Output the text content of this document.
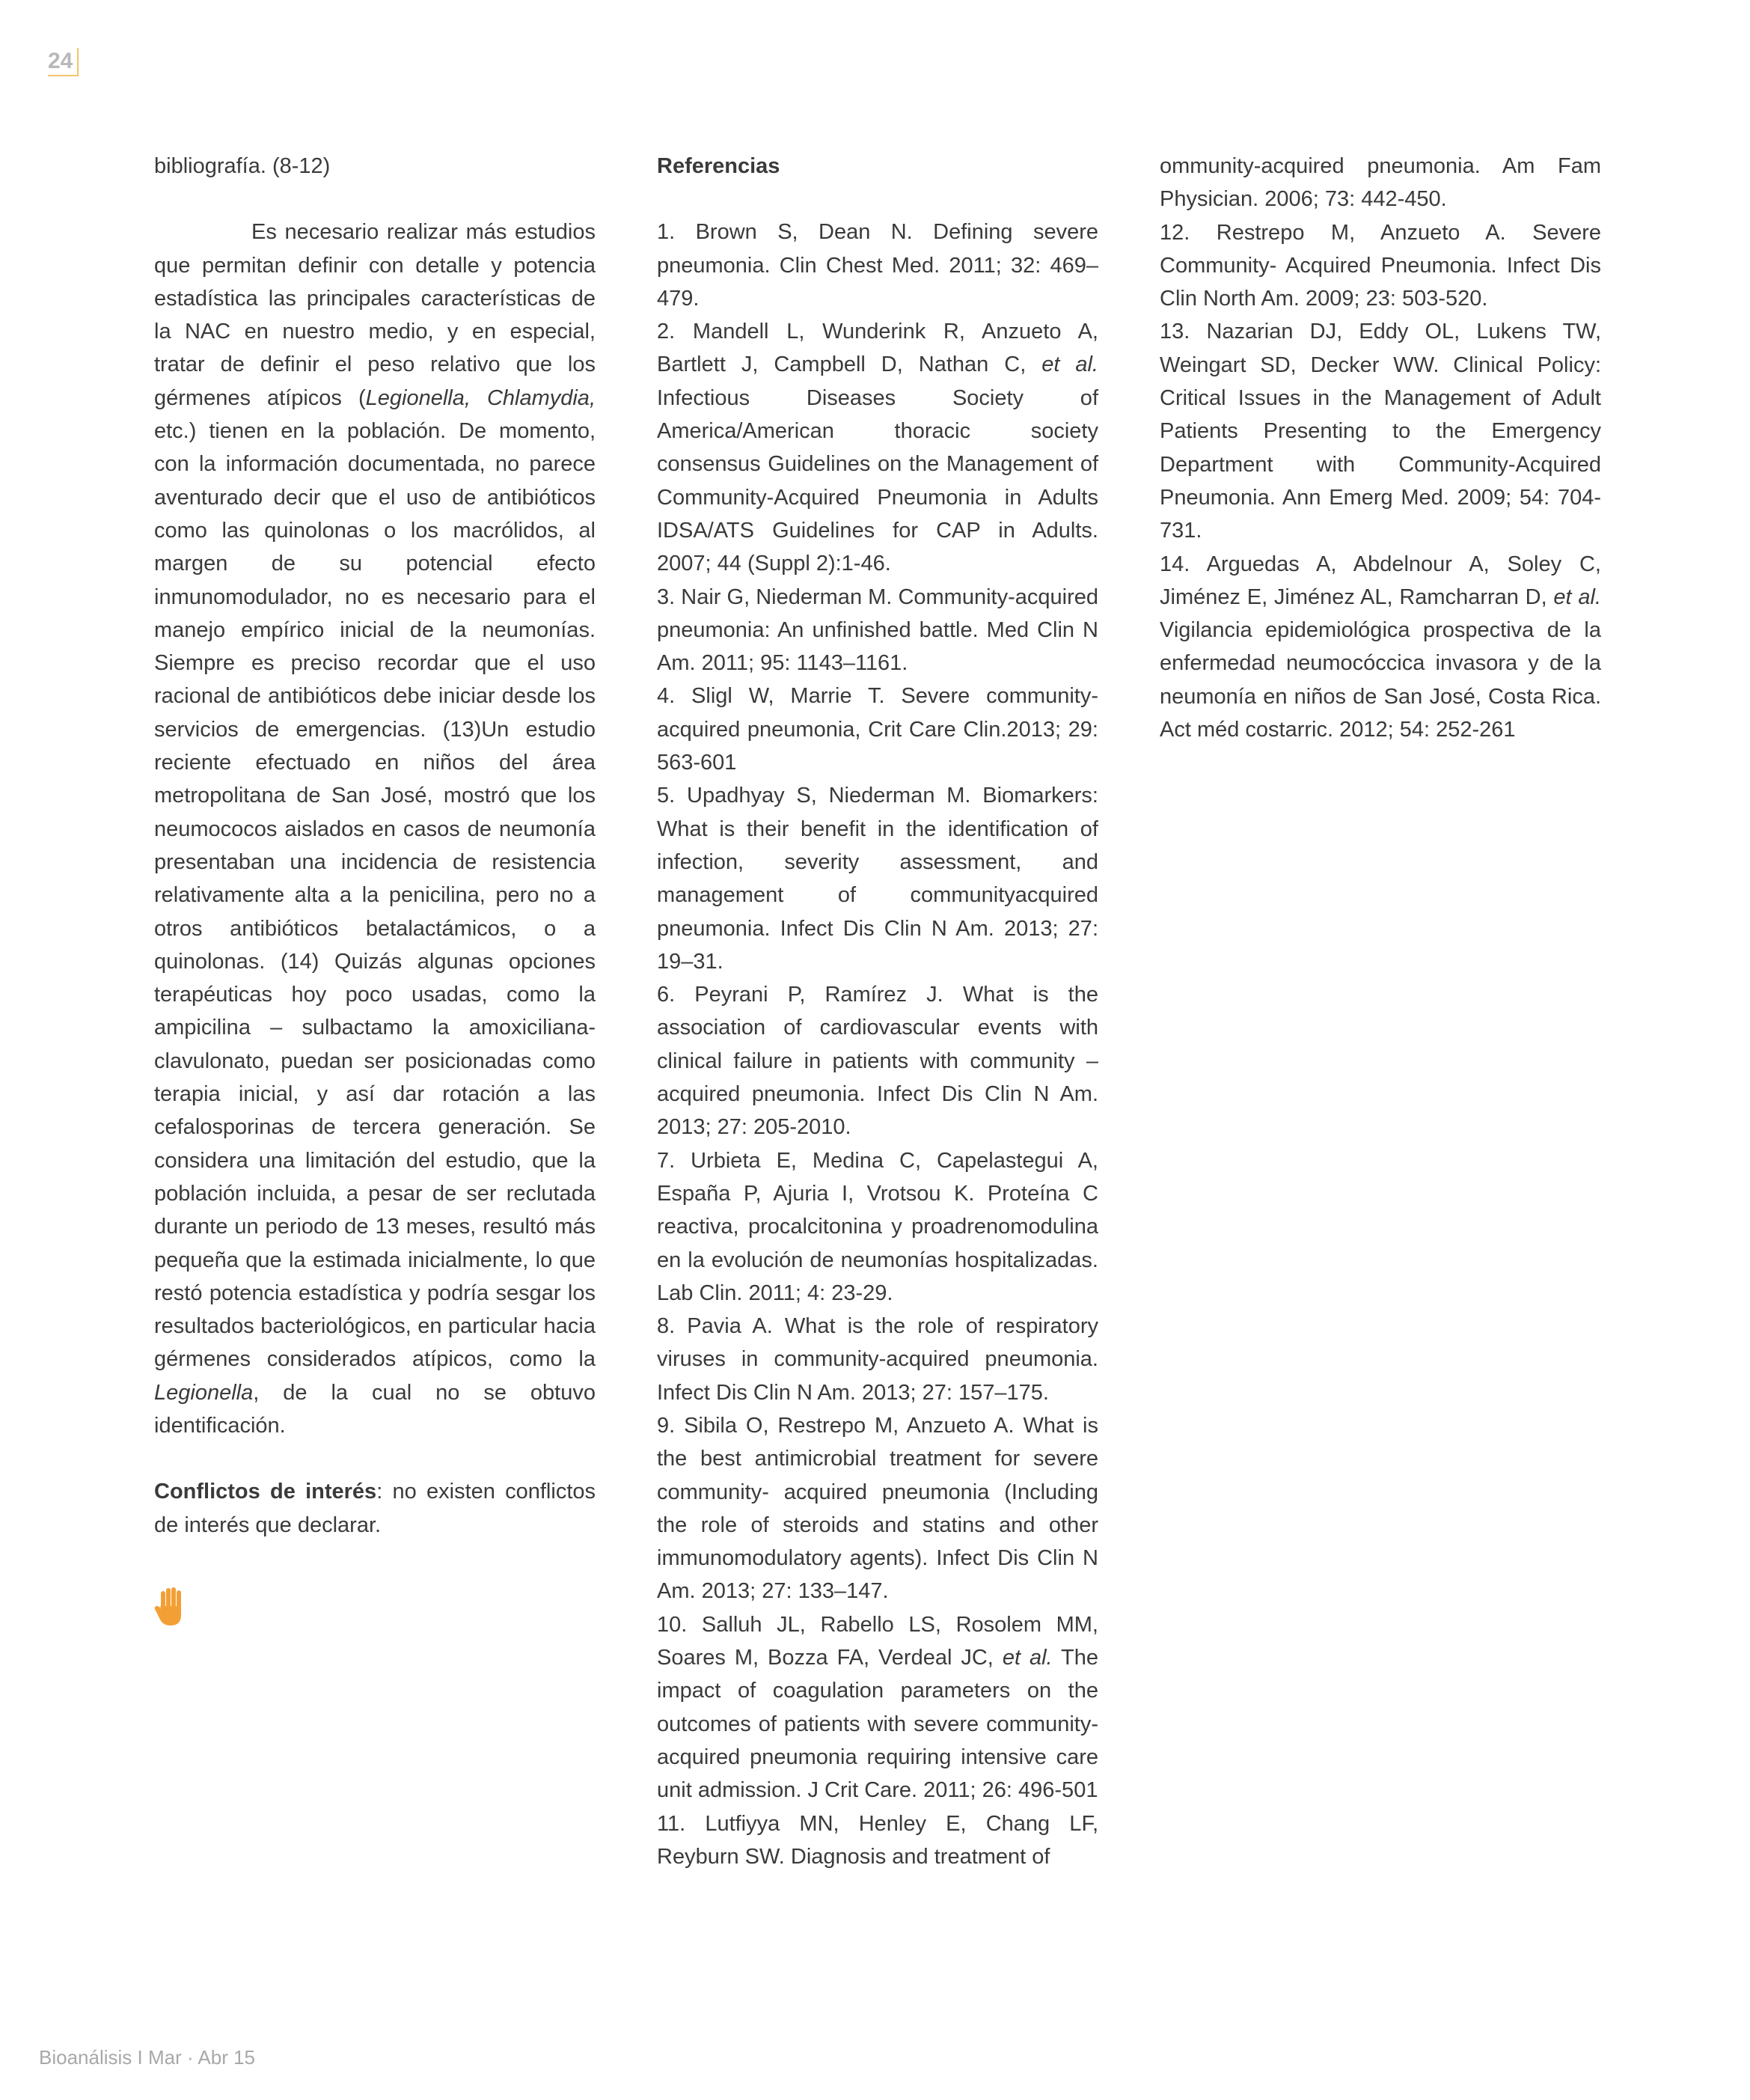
24

bibliografía. (8-12)

Es necesario realizar más estudios que permitan definir con detalle y potencia estadística las principales características de la NAC en nuestro medio, y en especial, tratar de definir el peso relativo que los gérmenes atípicos (Legionella, Chlamydia, etc.) tienen en la población. De momento, con la información documentada, no parece aventurado decir que el uso de antibióticos como las quinolonas o los macrólidos, al margen de su potencial efecto inmunomodulador, no es necesario para el manejo empírico inicial de la neumonías. Siempre es preciso recordar que el uso racional de antibióticos debe iniciar desde los servicios de emergencias. (13)Un estudio reciente efectuado en niños del área metropolitana de San José, mostró que los neumococos aislados en casos de neumonía presentaban una incidencia de resistencia relativamente alta a la penicilina, pero no a otros antibióticos betalactámicos, o a quinolonas. (14) Quizás algunas opciones terapéuticas hoy poco usadas, como la ampicilina – sulbactamo la amoxiciliana-clavulonato, puedan ser posicionadas como terapia inicial, y así dar rotación a las cefalosporinas de tercera generación. Se considera una limitación del estudio, que la población incluida, a pesar de ser reclutada durante un periodo de 13 meses, resultó más pequeña que la estimada inicialmente, lo que restó potencia estadística y podría sesgar los resultados bacteriológicos, en particular hacia gérmenes considerados atípicos, como la Legionella, de la cual no se obtuvo identificación.

Conflictos de interés: no existen conflictos de interés que declarar.

Referencias

1. Brown S, Dean N. Defining severe pneumonia. Clin Chest Med. 2011; 32: 469–479.

2. Mandell L, Wunderink R, Anzueto A, Bartlett J, Campbell D, Nathan C, et al. Infectious Diseases Society of America/American thoracic society consensus Guidelines on the Management of Community-Acquired Pneumonia in Adults IDSA/ATS Guidelines for CAP in Adults. 2007; 44 (Suppl 2):1-46.

3. Nair G, Niederman M. Community-acquired pneumonia: An unfinished battle. Med Clin N Am. 2011; 95: 1143–1161.

4. Sligl W, Marrie T. Severe community-acquired pneumonia, Crit Care Clin.2013; 29: 563-601

5. Upadhyay S, Niederman M. Biomarkers: What is their benefit in the identification of infection, severity assessment, and management of communityacquired pneumonia. Infect Dis Clin N Am. 2013; 27: 19–31.

6. Peyrani P, Ramírez J. What is the association of cardiovascular events with clinical failure in patients with community – acquired pneumonia. Infect Dis Clin N Am. 2013; 27: 205-2010.

7. Urbieta E, Medina C, Capelastegui A, España P, Ajuria I, Vrotsou K. Proteína C reactiva, procalcitonina y proadrenomodulina en la evolución de neumonías hospitalizadas. Lab Clin. 2011; 4: 23-29.

8. Pavia A. What is the role of respiratory viruses in community-acquired pneumonia. Infect Dis Clin N Am. 2013; 27: 157–175.

9. Sibila O, Restrepo M, Anzueto A. What is the best antimicrobial treatment for severe community- acquired pneumonia (Including the role of steroids and statins and other immunomodulatory agents). Infect Dis Clin N Am. 2013; 27: 133–147.

10. Salluh JL, Rabello LS, Rosolem MM, Soares M, Bozza FA, Verdeal JC, et al. The impact of coagulation parameters on the outcomes of patients with severe community-acquired pneumonia requiring intensive care unit admission. J Crit Care. 2011; 26: 496-501

11. Lutfiyya MN, Henley E, Chang LF, Reyburn SW. Diagnosis and treatment of

ommunity-acquired pneumonia. Am Fam Physician. 2006; 73: 442-450.

12. Restrepo M, Anzueto A. Severe Community- Acquired Pneumonia. Infect Dis Clin North Am. 2009; 23: 503-520.

13. Nazarian DJ, Eddy OL, Lukens TW, Weingart SD, Decker WW. Clinical Policy: Critical Issues in the Management of Adult Patients Presenting to the Emergency Department with Community-Acquired Pneumonia. Ann Emerg Med. 2009; 54: 704-731.

14. Arguedas A, Abdelnour A, Soley C, Jiménez E, Jiménez AL, Ramcharran D, et al. Vigilancia epidemiológica prospectiva de la enfermedad neumocóccica invasora y de la neumonía en niños de San José, Costa Rica. Act méd costarric. 2012; 54: 252-261

Bioanálisis I Mar · Abr 15
